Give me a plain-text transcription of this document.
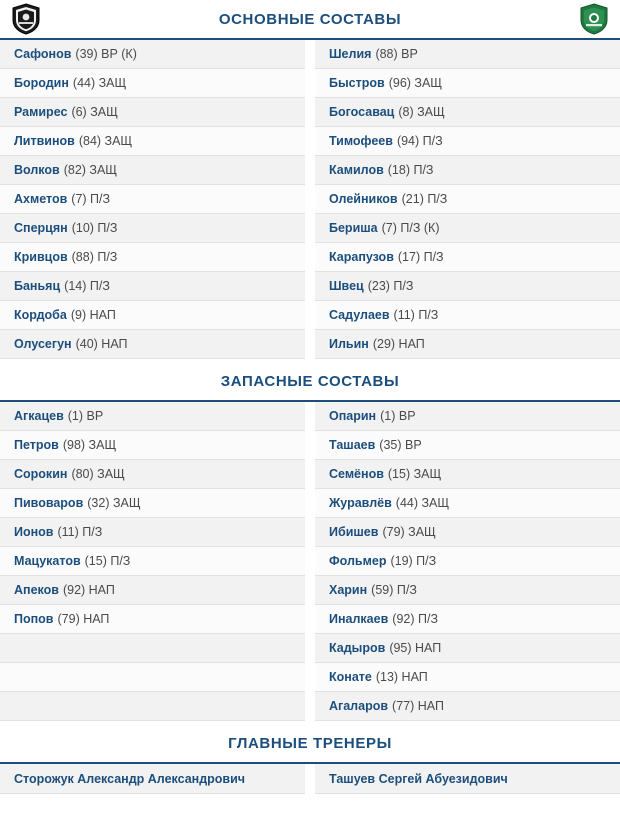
ОСНОВНЫЕ СОСТАВЫ
Сафонов (39) ВР (К)
Бородин (44) ЗАЩ
Рамирес (6) ЗАЩ
Литвинов (84) ЗАЩ
Волков (82) ЗАЩ
Ахметов (7) П/З
Сперцян (10) П/З
Кривцов (88) П/З
Баньяц (14) П/З
Кордоба (9) НАП
Олусегун (40) НАП
Шелия (88) ВР
Быстров (96) ЗАЩ
Богосавац (8) ЗАЩ
Тимофеев (94) П/З
Камилов (18) П/З
Олейников (21) П/З
Бериша (7) П/З (К)
Карапузов (17) П/З
Швец (23) П/З
Садулаев (11) П/З
Ильин (29) НАП
ЗАПАСНЫЕ СОСТАВЫ
Агкацев (1) ВР
Петров (98) ЗАЩ
Сорокин (80) ЗАЩ
Пивоваров (32) ЗАЩ
Ионов (11) П/З
Мацукатов (15) П/З
Апеков (92) НАП
Попов (79) НАП

Опарин (1) ВР
Ташаев (35) ВР
Семёнов (15) ЗАЩ
Журавлёв (44) ЗАЩ
Ибишев (79) ЗАЩ
Фольмер (19) П/З
Харин (59) П/З
Иналкаев (92) П/З
Кадыров (95) НАП
Конате (13) НАП
Агаларов (77) НАП
ГЛАВНЫЕ ТРЕНЕРЫ
Сторожук Александр Александрович	Ташуев Сергей Абуезидович
